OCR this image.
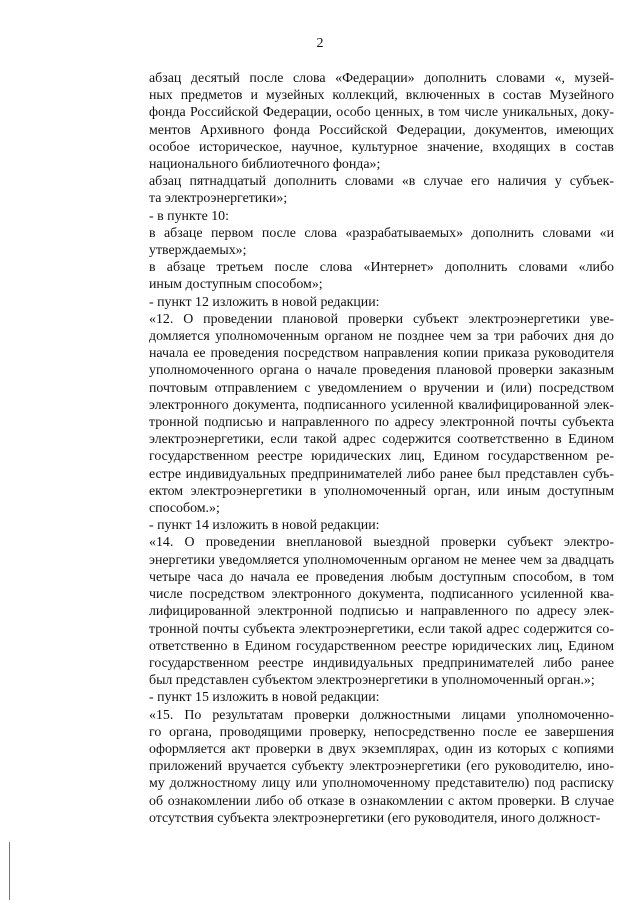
2

абзац десятый после слова «Федерации» дополнить словами «, музей-
ных предметов и музейных коллекций, включенных в состав Музейного
фонда Российской Федерации, особо ценных, в том числе уникальных, доку-
ментов Архивного фонда Российской Федерации, документов, имеющих
особое историческое, научное, культурное значение, входящих в состав
национального библиотечного фонда»;

абзац пятнадцатый дополнить словами «в случае его наличия у субъек-
та электроэнергетики»;

- в пункте 10:

в абзаце первом после слова «разрабатываемых» дополнить словами «и
утверждаемых»;

в абзаце третьем после слова «Интернет» дополнить словами «либо
иным доступным способом»;

- пункт 12 изложить в новой редакции:

«12. О проведении плановой проверки субъект электроэнергетики уве-
домляется уполномоченным органом не позднее чем за три рабочих дня до
начала ее проведения посредством направления копии приказа руководителя
уполномоченного органа о начале проведения плановой проверки заказным
почтовым отправлением с уведомлением о вручении и (или) посредством
электронного документа, подписанного усиленной квалифицированной элек-
тронной подписью и направленного по адресу электронной почты субъекта
электроэнергетики, если такой адрес содержится соответственно в Едином
государственном реестре юридических лиц, Едином государственном ре-
естре индивидуальных предпринимателей либо ранее был представлен субъ-
ектом электроэнергетики в уполномоченный орган, или иным доступным
способом.»;

- пункт 14 изложить в новой редакции:

«14. О проведении внеплановой выездной проверки субъект электро-
энергетики уведомляется уполномоченным органом не менее чем за двадцать
четыре часа до начала ее проведения любым доступным способом, в том
числе посредством электронного документа, подписанного усиленной ква-
лифицированной электронной подписью и направленного по адресу элек-
тронной почты субъекта электроэнергетики, если такой адрес содержится со-
ответственно в Едином государственном реестре юридических лиц, Едином
государственном реестре индивидуальных предпринимателей либо ранее
был представлен субъектом электроэнергетики в уполномоченный орган.»;

- пункт 15 изложить в новой редакции:

«15. По результатам проверки должностными лицами уполномоченно-
го органа, проводящими проверку, непосредственно после ее завершения
оформляется акт проверки в двух экземплярах, один из которых с копиями
приложений вручается субъекту электроэнергетики (его руководителю, ино-
му должностному лицу или уполномоченному представителю) под расписку
об ознакомлении либо об отказе в ознакомлении с актом проверки. В случае
отсутствия субъекта электроэнергетики (его руководителя, иного должност-
